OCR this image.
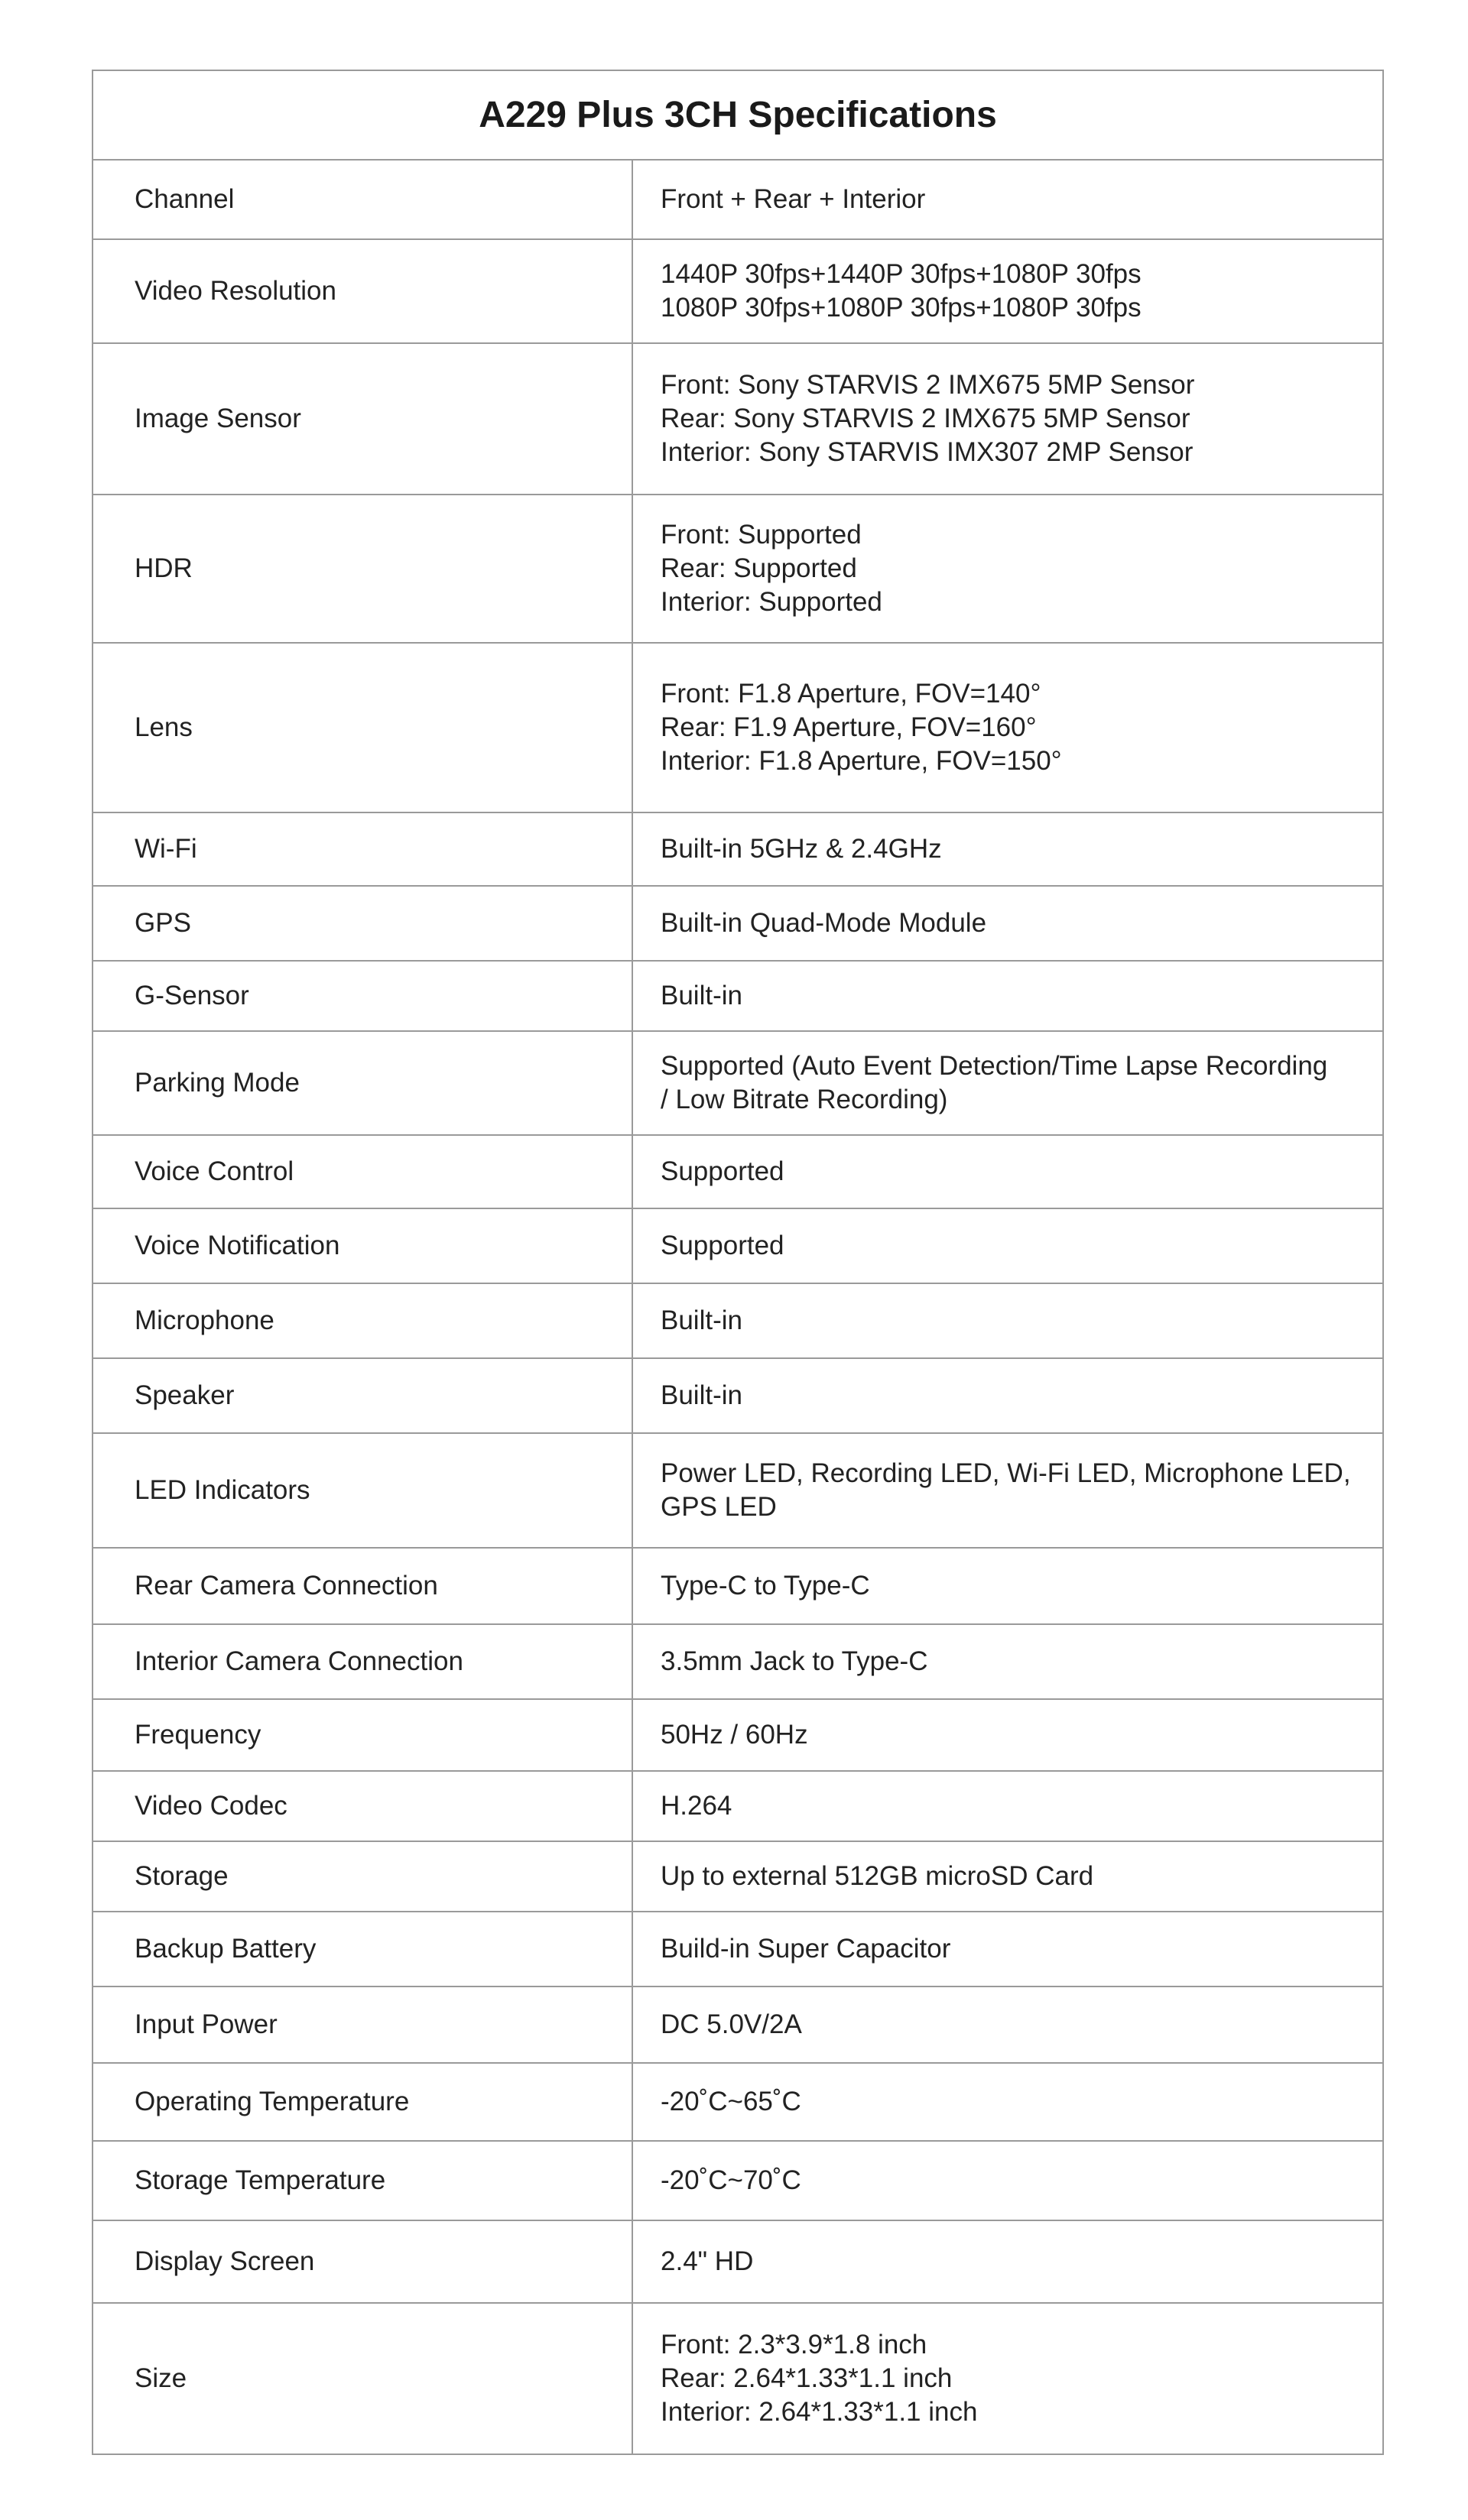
A229 Plus 3CH Specifications	
Channel	Front + Rear + Interior

Video Resolution	1440P 30fps+1440P 30fps+1080P 30fps
1080P 30fps+1080P 30fps+1080P 30fps

Image Sensor	Front: Sony STARVIS 2 IMX675 5MP Sensor
Rear: Sony STARVIS 2 IMX675 5MP Sensor
Interior: Sony STARVIS IMX307 2MP Sensor

HDR	Front: Supported
Rear: Supported
Interior: Supported

Lens	Front: F1.8 Aperture, FOV=140°
Rear: F1.9 Aperture, FOV=160°
Interior: F1.8 Aperture, FOV=150°

Wi-Fi	Built-in 5GHz & 2.4GHz

GPS	Built-in Quad-Mode Module

G-Sensor	Built-in

Parking Mode	Supported (Auto Event Detection/Time Lapse Recording
/ Low Bitrate Recording)

Voice Control	Supported

Voice Notification	Supported

Microphone	Built-in

Speaker	Built-in

LED Indicators	Power LED, Recording LED, Wi-Fi LED, Microphone LED,
GPS LED

Rear Camera Connection	Type-C to Type-C

Interior Camera Connection	3.5mm Jack to Type-C

Frequency	50Hz / 60Hz

Video Codec	H.264

Storage	Up to external 512GB microSD Card

Backup Battery	Build-in Super Capacitor

Input Power	DC 5.0V/2A

Operating Temperature	-20˚C~65˚C

Storage Temperature	-20˚C~70˚C

Display Screen	2.4" HD

Size	Front: 2.3*3.9*1.8 inch
Rear: 2.64*1.33*1.1 inch
Interior: 2.64*1.33*1.1 inch
